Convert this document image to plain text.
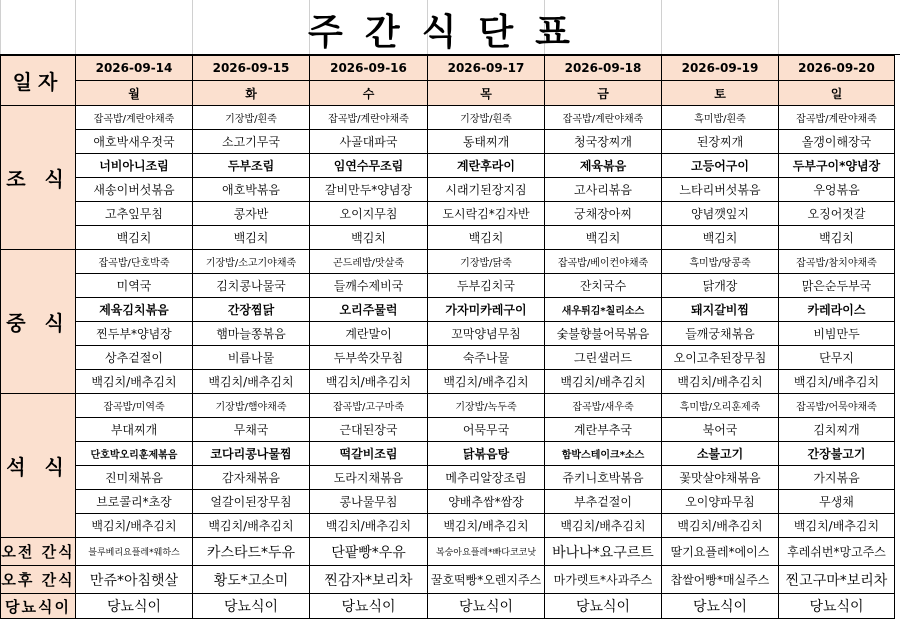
주간식단표
일자	2026-09-14	2026-09-15	2026-09-16	2026-09-17	2026-09-18	2026-09-19	2026-09-20
	월	화	수	목	금	토	일
조 식	잡곡밥/계란야채죽	기장밥/흰죽	잡곡밥/계란야채죽	기장밥/흰죽	잡곡밥/계란야채죽	흑미밥/흰죽	잡곡밥/계란야채죽
	애호박새우젓국	소고기무국	사골대파국	동태찌개	청국장찌개	된장찌개	올갱이해장국
	너비아니조림	두부조림	임연수무조림	계란후라이	제육볶음	고등어구이	두부구이*양념장
	새송이버섯볶음	애호박볶음	갈비만두*양념장	시래기된장지짐	고사리볶음	느타리버섯볶음	우엉볶음
	고추잎무침	콩자반	오이지무침	도시락김*김자반	궁채장아찌	양념깻잎지	오징어젓갈
	백김치	백김치	백김치	백김치	백김치	백김치	백김치
중 식	잡곡밥/단호박죽	기장밥/소고기야채죽	곤드레밥/맛살죽	기장밥/닭죽	잡곡밥/베이컨야채죽	흑미밥/땅콩죽	잡곡밥/참치야채죽
	미역국	김치콩나물국	들깨수제비국	두부김치국	잔치국수	닭개장	맑은순두부국
	제육김치볶음	간장찜닭	오리주물럭	가자미카레구이	새우튀김*칠리소스	돼지갈비찜	카레라이스
	찐두부*양념장	햄마늘쫑볶음	계란말이	꼬막양념무침	숯불향불어묵볶음	들깨궁채볶음	비빔만두
	상추겉절이	비름나물	두부쑥갓무침	숙주나물	그린샐러드	오이고추된장무침	단무지
	백김치/배추김치	백김치/배추김치	백김치/배추김치	백김치/배추김치	백김치/배추김치	백김치/배추김치	백김치/배추김치
석 식	잡곡밥/미역죽	기장밥/햄야채죽	잡곡밥/고구마죽	기장밥/녹두죽	잡곡밥/새우죽	흑미밥/오리훈제죽	잡곡밥/어묵야채죽
	부대찌개	무채국	근대된장국	어묵무국	계란부추국	북어국	김치찌개
	단호박오리훈제볶음	코다리콩나물찜	떡갈비조림	닭볶음탕	함박스테이크*소스	소불고기	간장불고기
	진미채볶음	감자채볶음	도라지채볶음	메추리알장조림	쥬키니호박볶음	꽃맛살야채볶음	가지볶음
	브로콜리*초장	얼갈이된장무침	콩나물무침	양배추쌈*쌈장	부추겉절이	오이양파무침	무생채
	백김치/배추김치	백김치/배추김치	백김치/배추김치	백김치/배추김치	백김치/배추김치	백김치/배추김치	백김치/배추김치
오전 간식	블루베리요플레*웨하스	카스타드*두유	단팥빵*우유	복숭아요플레*빠다코코낫	바나나*요구르트	딸기요플레*에이스	후레쉬번*망고주스
오후 간식	만쥬*아침햇살	황도*고소미	찐감자*보리차	꿀호떡빵*오렌지주스	마가렛트*사과주스	찹쌀어빵*매실주스	찐고구마*보리차
당뇨식이	당뇨식이	당뇨식이	당뇨식이	당뇨식이	당뇨식이	당뇨식이	당뇨식이
